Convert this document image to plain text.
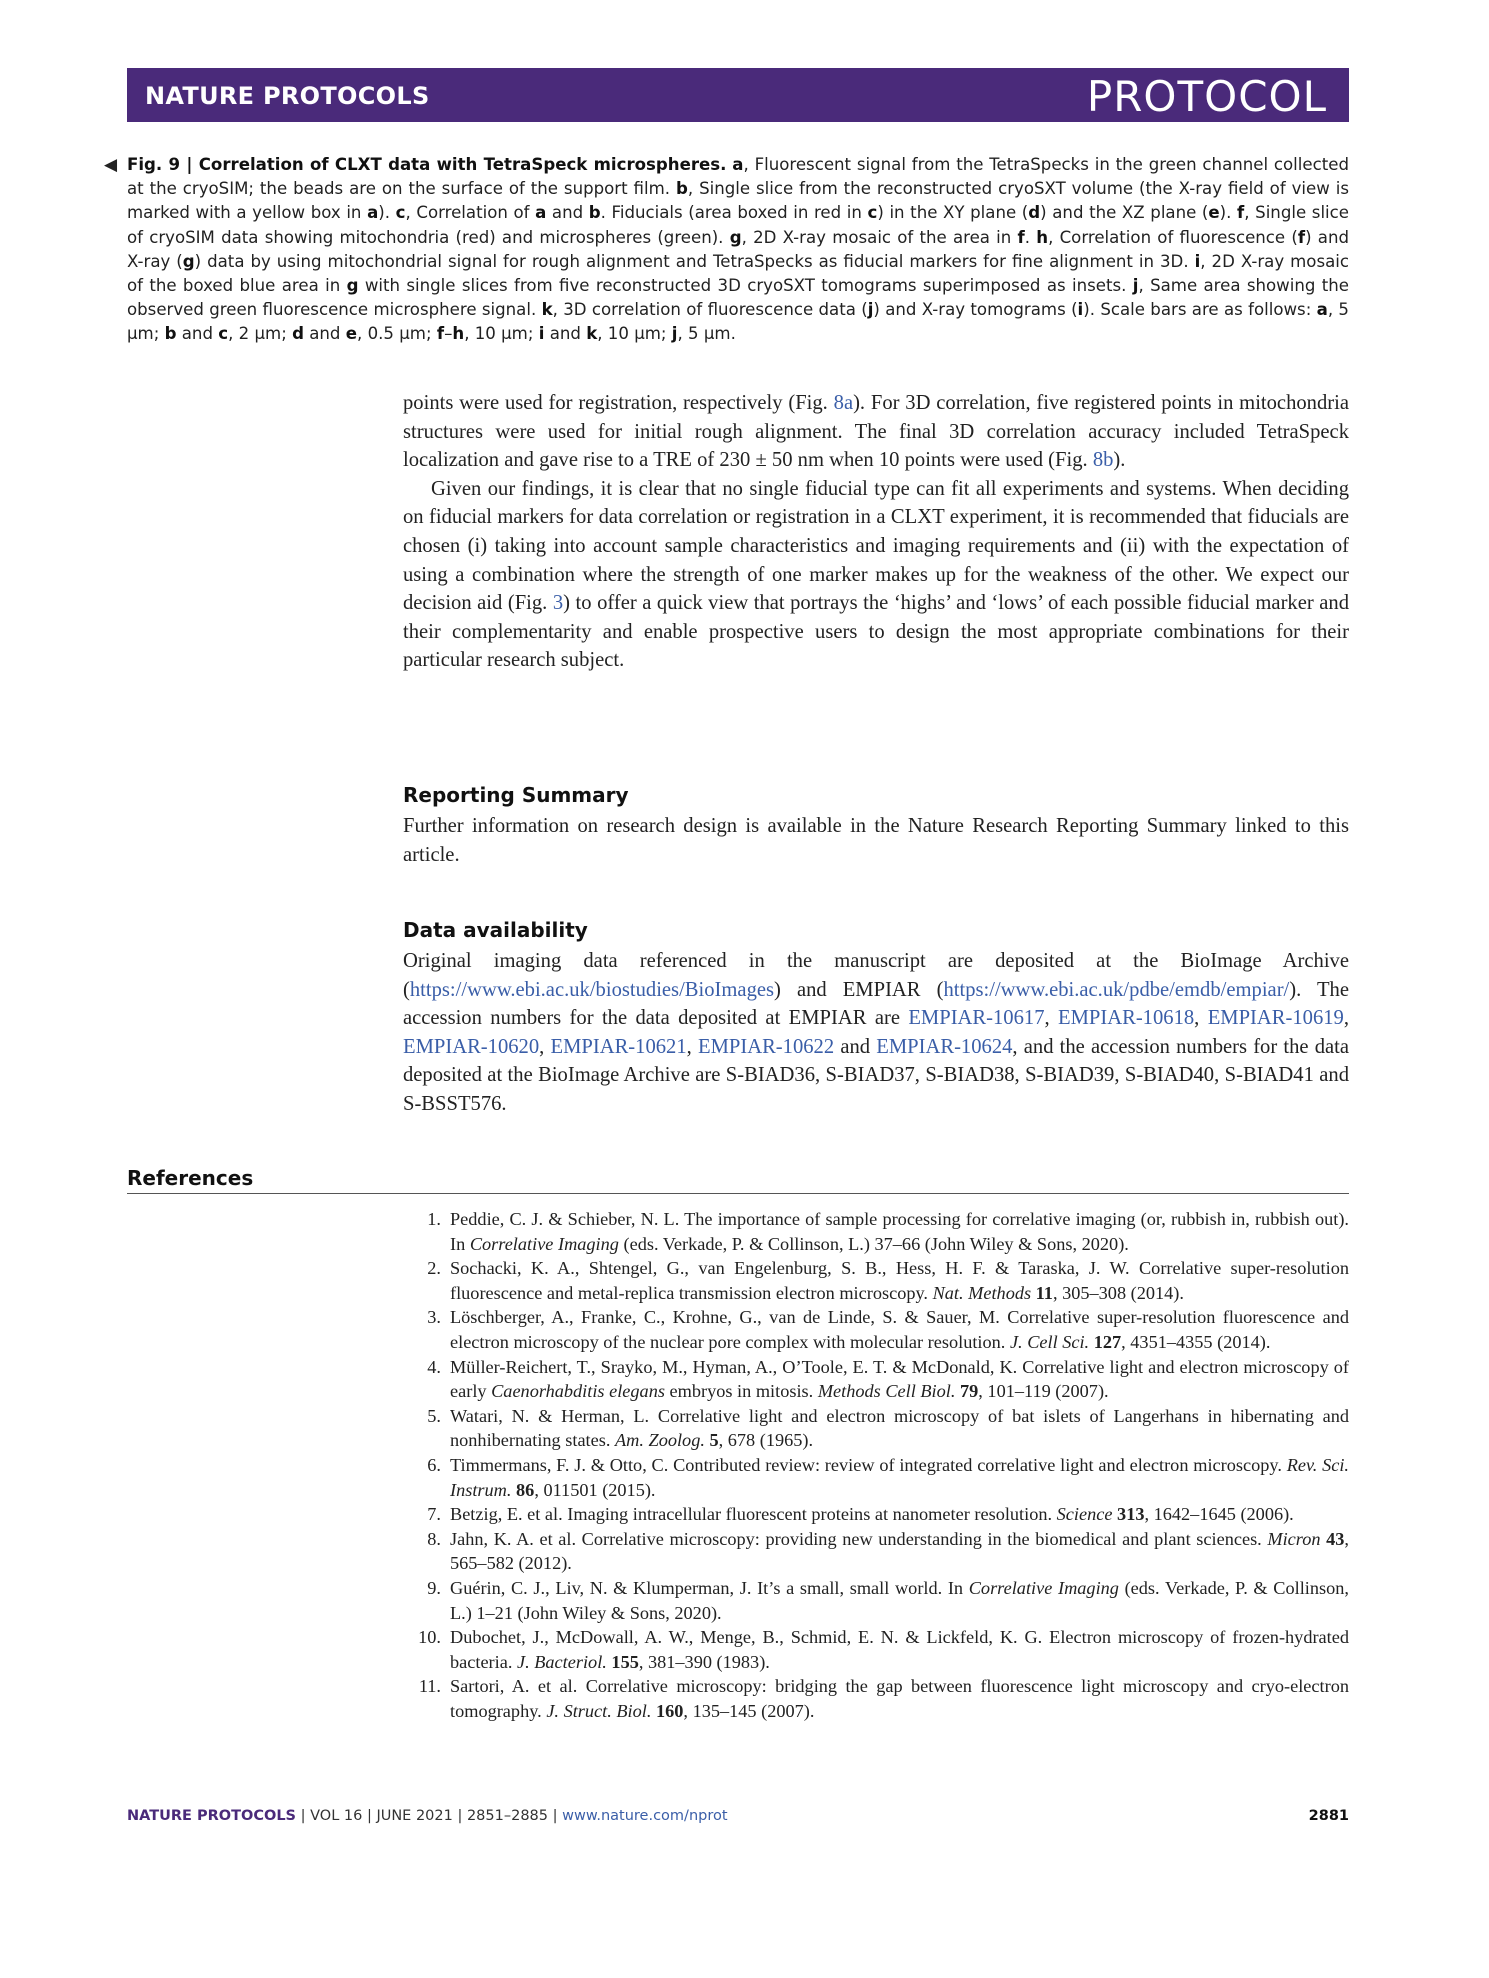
NATURE PROTOCOLS	PROTOCOL
◀ Fig. 9 | Correlation of CLXT data with TetraSpeck microspheres. a, Fluorescent signal from the TetraSpecks in the green channel collected at the cryoSIM; the beads are on the surface of the support film. b, Single slice from the reconstructed cryoSXT volume (the X-ray field of view is marked with a yellow box in a). c, Correlation of a and b. Fiducials (area boxed in red in c) in the XY plane (d) and the XZ plane (e). f, Single slice of cryoSIM data showing mitochondria (red) and microspheres (green). g, 2D X-ray mosaic of the area in f. h, Correlation of fluorescence (f) and X-ray (g) data by using mitochondrial signal for rough alignment and TetraSpecks as fiducial markers for fine alignment in 3D. i, 2D X-ray mosaic of the boxed blue area in g with single slices from five reconstructed 3D cryoSXT tomograms superimposed as insets. j, Same area showing the observed green fluorescence microsphere signal. k, 3D correlation of fluorescence data (j) and X-ray tomograms (i). Scale bars are as follows: a, 5 μm; b and c, 2 μm; d and e, 0.5 μm; f–h, 10 μm; i and k, 10 μm; j, 5 μm.

points were used for registration, respectively (Fig. 8a). For 3D correlation, five registered points in mitochondria structures were used for initial rough alignment. The final 3D correlation accuracy included TetraSpeck localization and gave rise to a TRE of 230 ± 50 nm when 10 points were used (Fig. 8b).

Given our findings, it is clear that no single fiducial type can fit all experiments and systems. When deciding on fiducial markers for data correlation or registration in a CLXT experiment, it is recommended that fiducials are chosen (i) taking into account sample characteristics and imaging requirements and (ii) with the expectation of using a combination where the strength of one marker makes up for the weakness of the other. We expect our decision aid (Fig. 3) to offer a quick view that portrays the ‘highs’ and ‘lows’ of each possible fiducial marker and their complementarity and enable prospective users to design the most appropriate combinations for their particular research subject.

Reporting Summary

Further information on research design is available in the Nature Research Reporting Summary linked to this article.

Data availability

Original imaging data referenced in the manuscript are deposited at the BioImage Archive (https://www.ebi.ac.uk/biostudies/BioImages) and EMPIAR (https://www.ebi.ac.uk/pdbe/emdb/empiar/). The accession numbers for the data deposited at EMPIAR are EMPIAR-10617, EMPIAR-10618, EMPIAR-10619, EMPIAR-10620, EMPIAR-10621, EMPIAR-10622 and EMPIAR-10624, and the accession numbers for the data deposited at the BioImage Archive are S-BIAD36, S-BIAD37, S-BIAD38, S-BIAD39, S-BIAD40, S-BIAD41 and S-BSST576.

References
1. Peddie, C. J. & Schieber, N. L. The importance of sample processing for correlative imaging (or, rubbish in, rubbish out). In Correlative Imaging (eds. Verkade, P. & Collinson, L.) 37–66 (John Wiley & Sons, 2020).
2. Sochacki, K. A., Shtengel, G., van Engelenburg, S. B., Hess, H. F. & Taraska, J. W. Correlative super-resolution fluorescence and metal-replica transmission electron microscopy. Nat. Methods 11, 305–308 (2014).
3. Löschberger, A., Franke, C., Krohne, G., van de Linde, S. & Sauer, M. Correlative super-resolution fluorescence and electron microscopy of the nuclear pore complex with molecular resolution. J. Cell Sci. 127, 4351–4355 (2014).
4. Müller-Reichert, T., Srayko, M., Hyman, A., O’Toole, E. T. & McDonald, K. Correlative light and electron microscopy of early Caenorhabditis elegans embryos in mitosis. Methods Cell Biol. 79, 101–119 (2007).
5. Watari, N. & Herman, L. Correlative light and electron microscopy of bat islets of Langerhans in hibernating and nonhibernating states. Am. Zoolog. 5, 678 (1965).
6. Timmermans, F. J. & Otto, C. Contributed review: review of integrated correlative light and electron microscopy. Rev. Sci. Instrum. 86, 011501 (2015).
7. Betzig, E. et al. Imaging intracellular fluorescent proteins at nanometer resolution. Science 313, 1642–1645 (2006).
8. Jahn, K. A. et al. Correlative microscopy: providing new understanding in the biomedical and plant sciences. Micron 43, 565–582 (2012).
9. Guérin, C. J., Liv, N. & Klumperman, J. It’s a small, small world. In Correlative Imaging (eds. Verkade, P. & Collinson, L.) 1–21 (John Wiley & Sons, 2020).
10. Dubochet, J., McDowall, A. W., Menge, B., Schmid, E. N. & Lickfeld, K. G. Electron microscopy of frozen-hydrated bacteria. J. Bacteriol. 155, 381–390 (1983).
11. Sartori, A. et al. Correlative microscopy: bridging the gap between fluorescence light microscopy and cryo-electron tomography. J. Struct. Biol. 160, 135–145 (2007).
NATURE PROTOCOLS | VOL 16 | JUNE 2021 | 2851–2885 | www.nature.com/nprot	2881
